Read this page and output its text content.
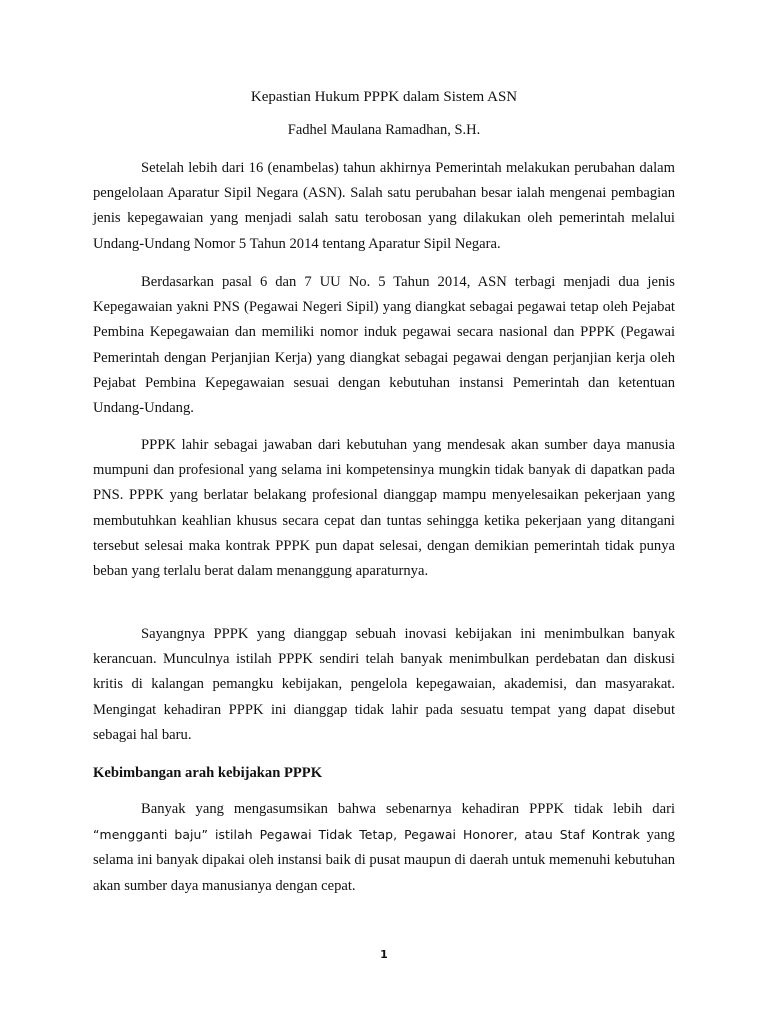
Kepastian Hukum PPPK dalam Sistem ASN
Fadhel Maulana Ramadhan, S.H.

Setelah lebih dari 16 (enambelas) tahun akhirnya Pemerintah melakukan perubahan dalam pengelolaan Aparatur Sipil Negara (ASN). Salah satu perubahan besar ialah mengenai pembagian jenis kepegawaian yang menjadi salah satu terobosan yang dilakukan oleh pemerintah melalui Undang-Undang Nomor 5 Tahun 2014 tentang Aparatur Sipil Negara.

Berdasarkan pasal 6 dan 7 UU No. 5 Tahun 2014, ASN terbagi menjadi dua jenis Kepegawaian yakni PNS (Pegawai Negeri Sipil) yang diangkat sebagai pegawai tetap oleh Pejabat Pembina Kepegawaian dan memiliki nomor induk pegawai secara nasional dan PPPK (Pegawai Pemerintah dengan Perjanjian Kerja) yang diangkat sebagai pegawai dengan perjanjian kerja oleh Pejabat Pembina Kepegawaian sesuai dengan kebutuhan instansi Pemerintah dan ketentuan Undang-Undang.

PPPK lahir sebagai jawaban dari kebutuhan yang mendesak akan sumber daya manusia mumpuni dan profesional yang selama ini kompetensinya mungkin tidak banyak di dapatkan pada PNS. PPPK yang berlatar belakang profesional dianggap mampu menyelesaikan pekerjaan yang membutuhkan keahlian khusus secara cepat dan tuntas sehingga ketika pekerjaan yang ditangani tersebut selesai maka kontrak PPPK pun dapat selesai, dengan demikian pemerintah tidak punya beban yang terlalu berat dalam menanggung aparaturnya.

Sayangnya PPPK yang dianggap sebuah inovasi kebijakan ini menimbulkan banyak kerancuan. Munculnya istilah PPPK sendiri telah banyak menimbulkan perdebatan dan diskusi kritis di kalangan pemangku kebijakan, pengelola kepegawaian, akademisi, dan masyarakat. Mengingat kehadiran PPPK ini dianggap tidak lahir pada sesuatu tempat yang dapat disebut sebagai hal baru.

Kebimbangan arah kebijakan PPPK

Banyak yang mengasumsikan bahwa sebenarnya kehadiran PPPK tidak lebih dari “mengganti baju” istilah Pegawai Tidak Tetap, Pegawai Honorer, atau Staf Kontrak yang selama ini banyak dipakai oleh instansi baik di pusat maupun di daerah untuk memenuhi kebutuhan akan sumber daya manusianya dengan cepat.

1
